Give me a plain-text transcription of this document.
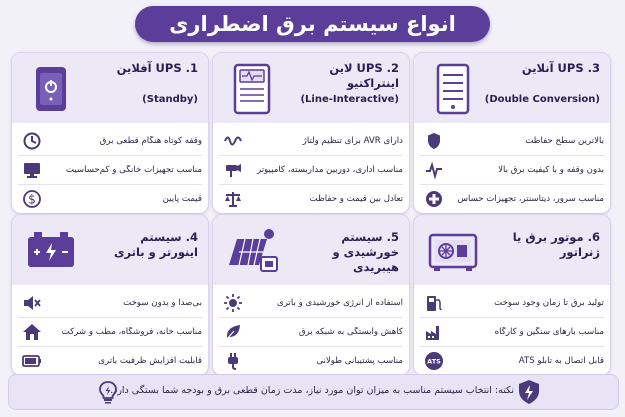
انواع سیستم برق اضطراری
3. UPS آنلاین
(Double Conversion)
بالاترین سطح حفاظت
بدون وقفه و با کیفیت برق بالا
مناسب سرور، دیتاسنتر، تجهیزات حساس
2. UPS لاین اینتراکتیو
(Line-Interactive)
دارای AVR برای تنظیم ولتاژ
مناسب اداری، دوربین مداربسته، کامپیوتر
تعادل بین قیمت و حفاظت
1. UPS آفلاین
(Standby)
وقفه کوتاه هنگام قطعی برق
مناسب تجهیزات خانگی و کم‌حساسیت
$	قیمت پایین
6. موتور برق یا ژنراتور
تولید برق تا زمان وجود سوخت
مناسب بارهای سنگین و کارگاه
ATS	قابل اتصال به تابلو ATS
5. سیستم خورشیدی و هیبریدی
استفاده از انرژی خورشیدی و باتری
کاهش وابستگی به شبکه برق
مناسب پشتیبانی طولانی
4. سیستم اینورتر و باتری
بی‌صدا و بدون سوخت
مناسب خانه، فروشگاه، مطب و شرکت
قابلیت افزایش ظرفیت باتری
نکته: انتخاب سیستم مناسب به میزان توان مورد نیاز، مدت زمان قطعی برق و بودجه شما بستگی دارد.
